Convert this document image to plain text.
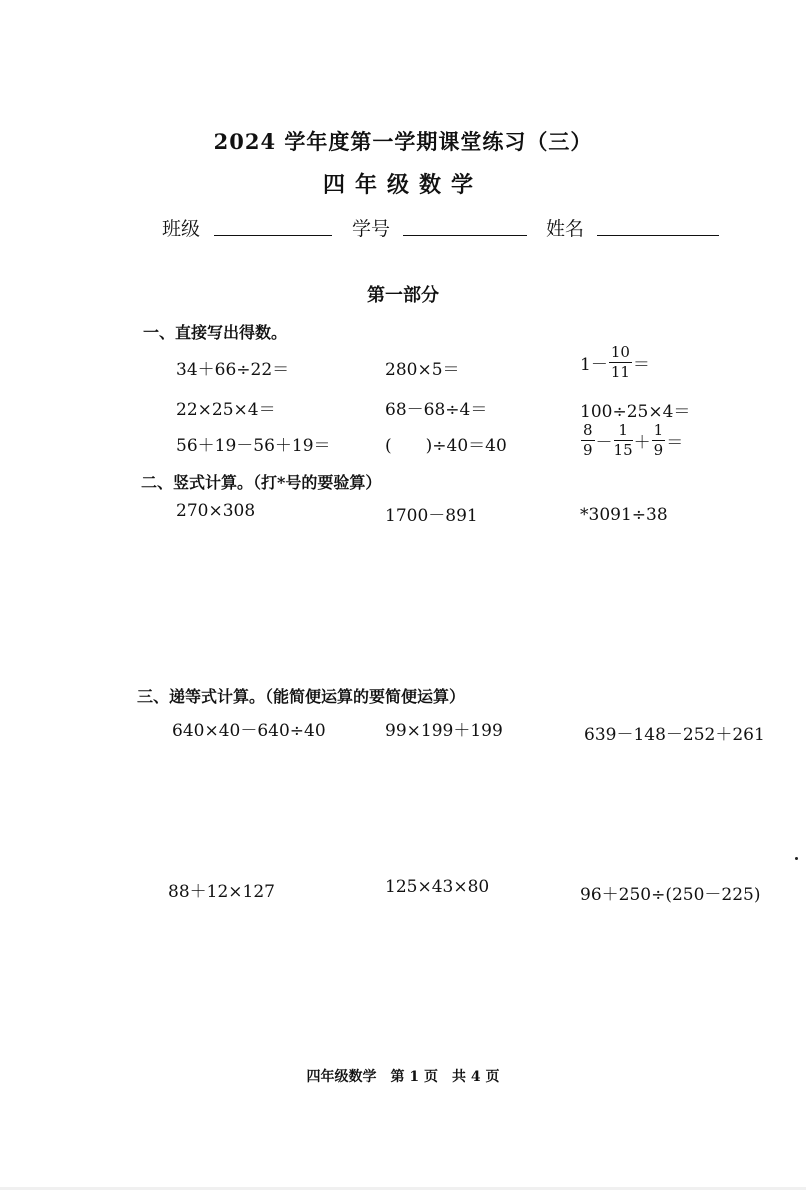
2024 学年度第一学期课堂练习（三）
四年级数学
班级	学号	姓名
第一部分
一、直接写出得数。
34＋66÷22＝	280×5＝	$1- \frac{10}{11}$ ＝
22×25×4＝	68－68÷4＝	100÷25×4＝
56＋19－56＋19＝	(　　)÷40＝40	$\frac{8}{9} - \frac{1}{15} + \frac{1}{9}$ ＝
二、竖式计算。（打*号的要验算）
270×308	1700－891	*3091÷38
三、递等式计算。（能简便运算的要简便运算）
640×40－640÷40	99×199＋199	639－148－252＋261
88＋12×127	125×43×80	96＋250÷(250－225)
四年级数学　第 1 页　共 4 页
